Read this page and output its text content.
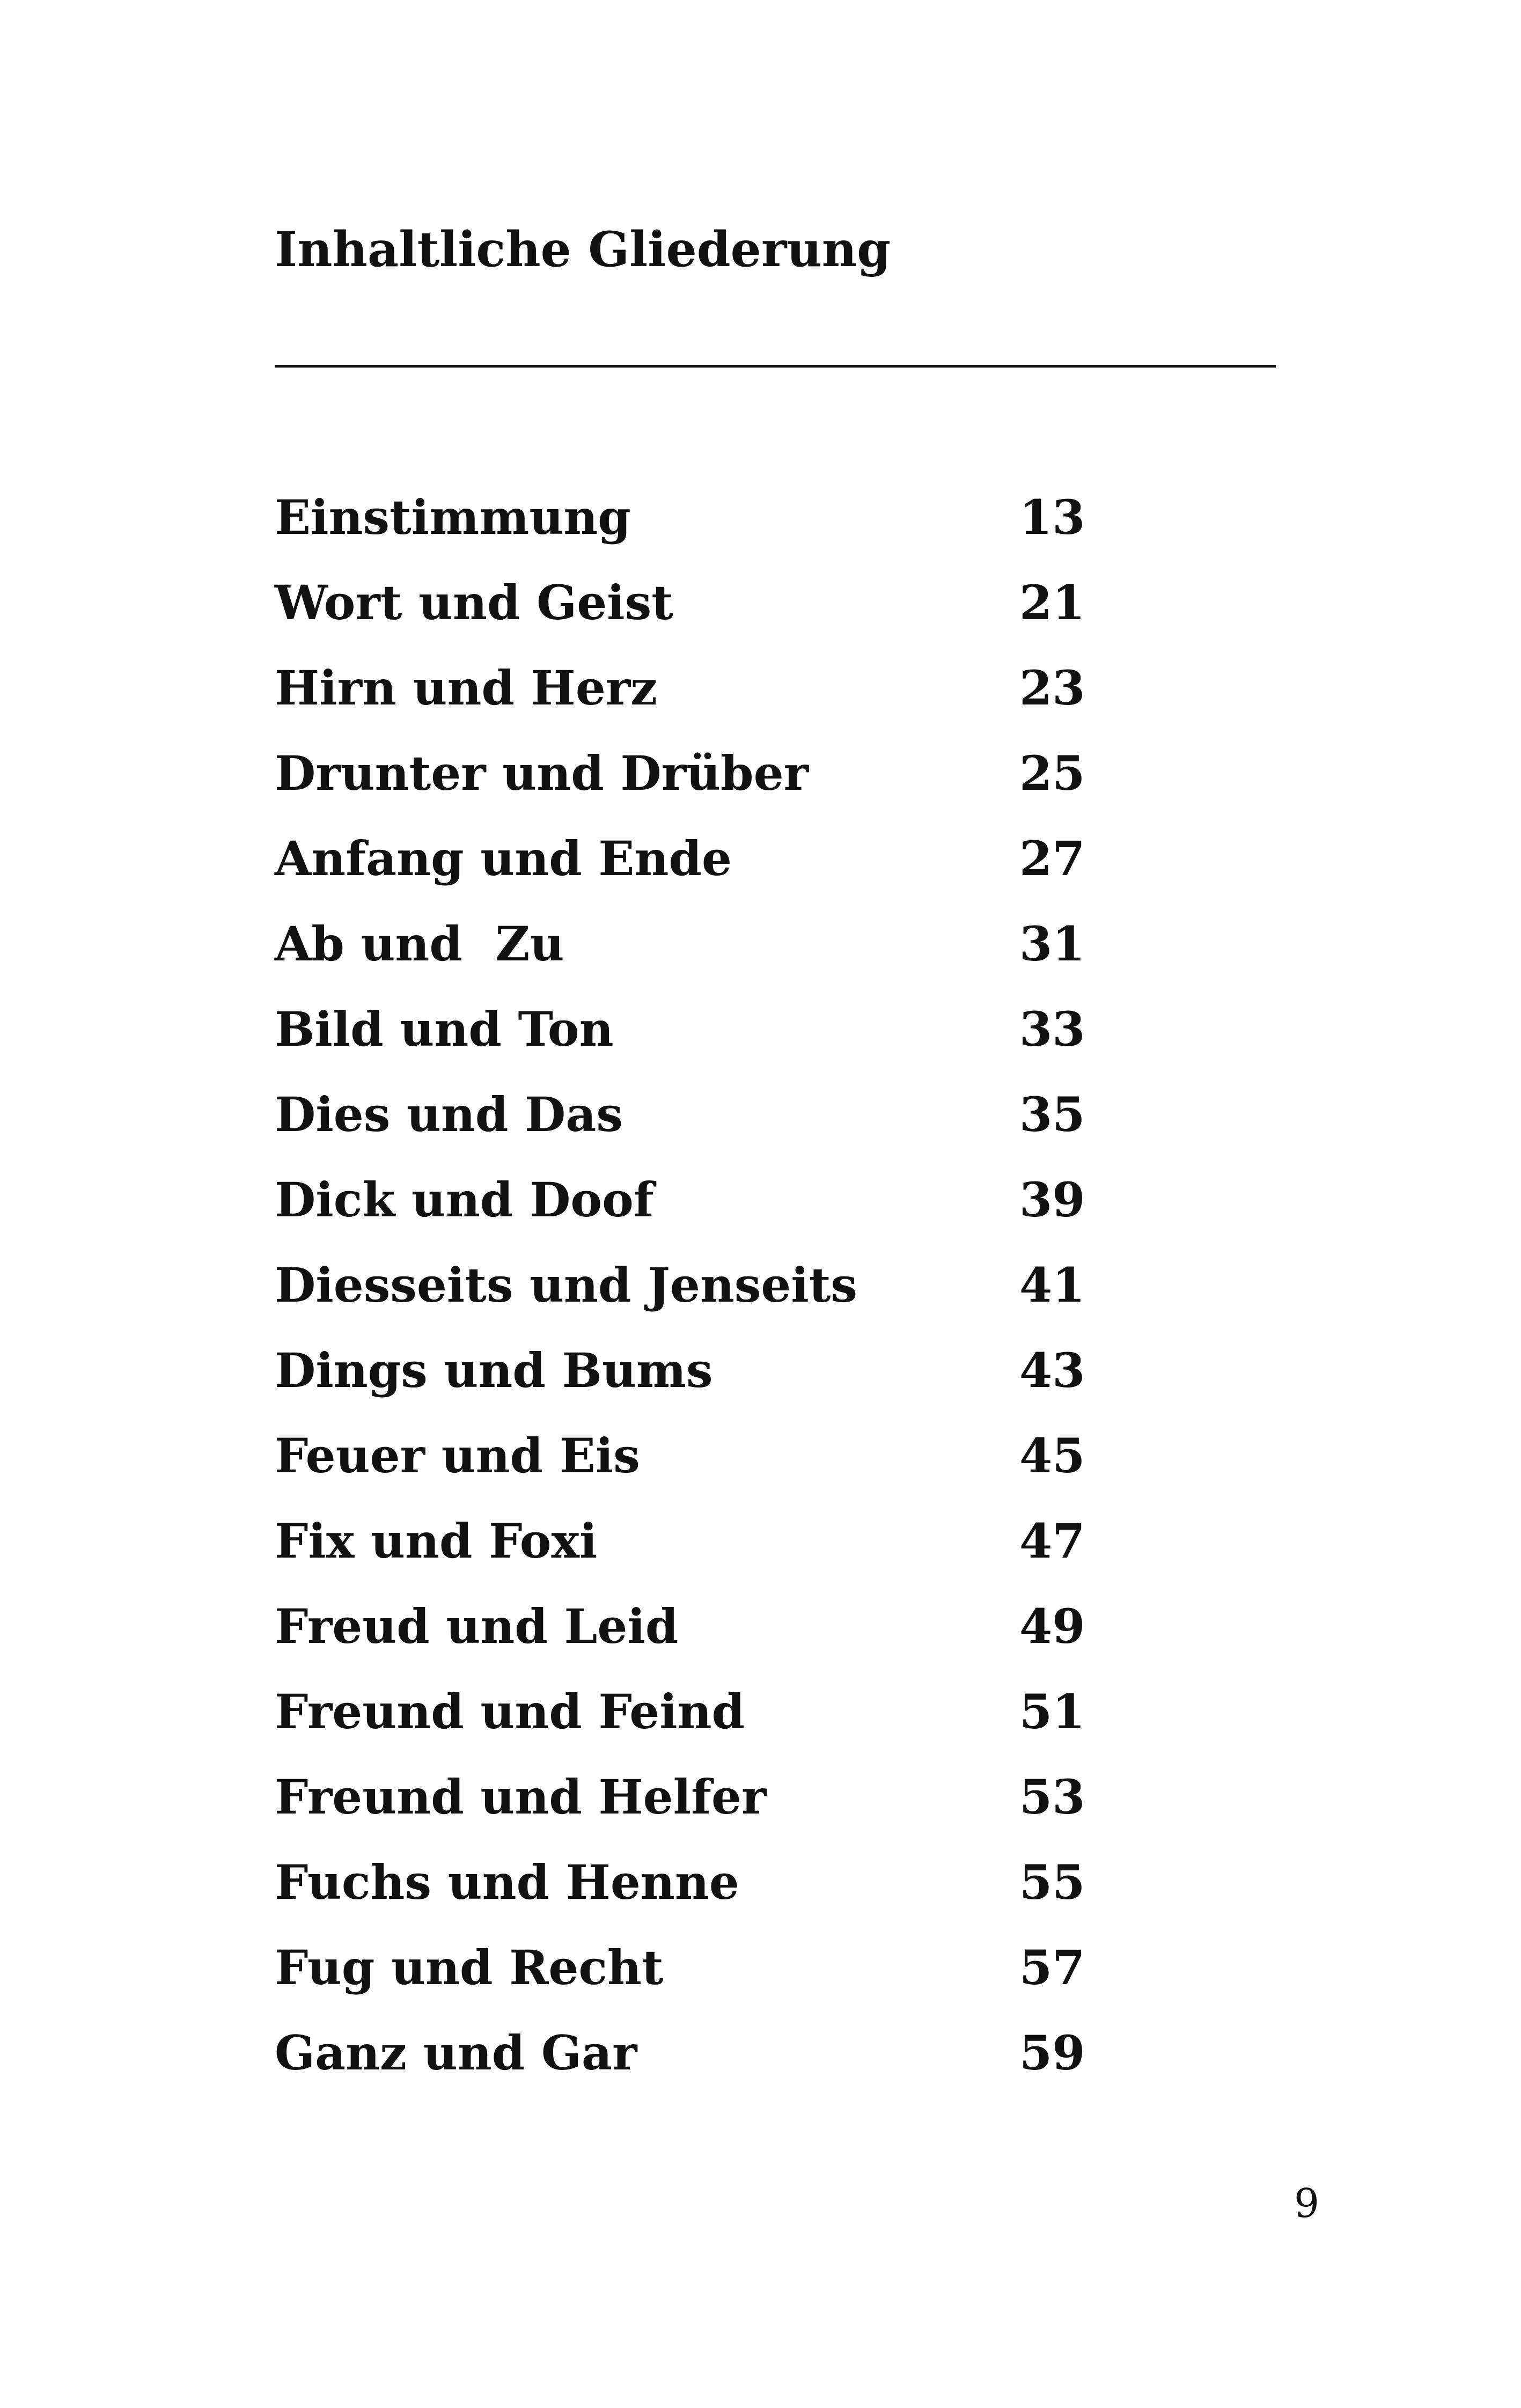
Inhaltliche Gliederung
Einstimmung	13
Wort und Geist	21
Hirn und Herz	23
Drunter und Drüber	25
Anfang und Ende	27
Ab und  Zu	31
Bild und Ton	33
Dies und Das	35
Dick und Doof	39
Diesseits und Jenseits	41
Dings und Bums	43
Feuer und Eis	45
Fix und Foxi	47
Freud und Leid	49
Freund und Feind	51
Freund und Helfer	53
Fuchs und Henne	55
Fug und Recht	57
Ganz und Gar	59
9
